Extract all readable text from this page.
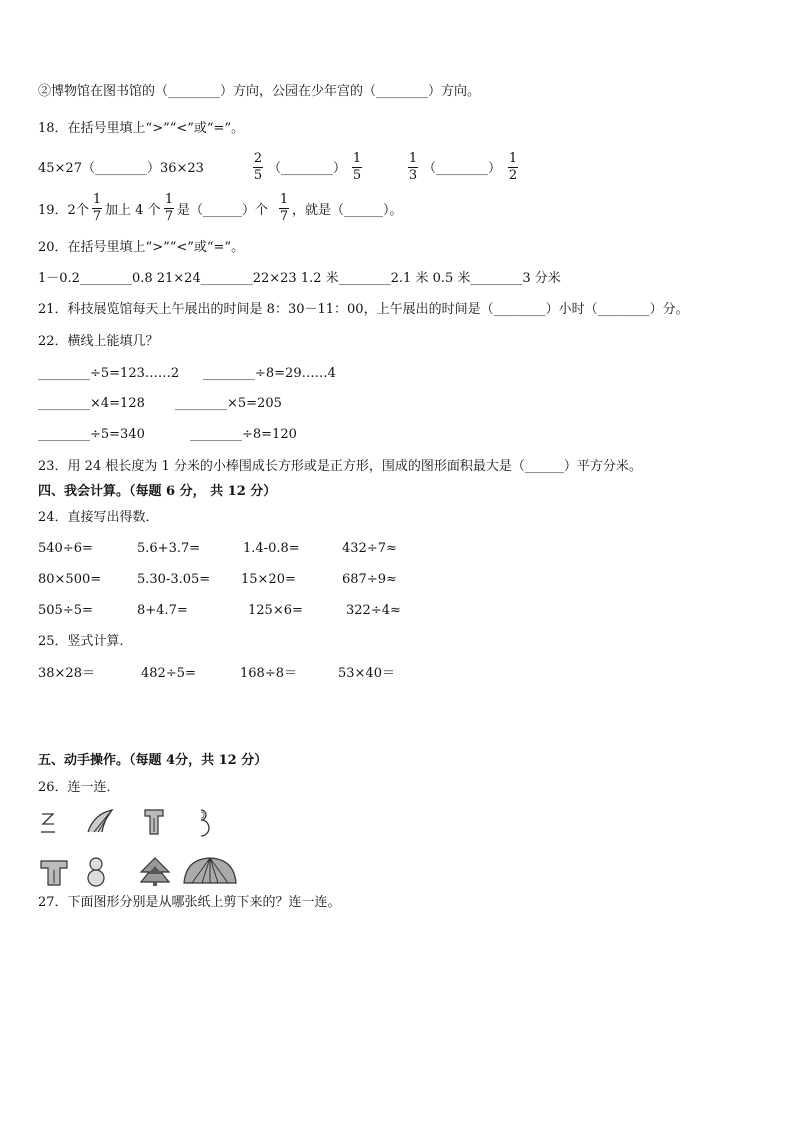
②博物馆在图书馆的（________）方向，公园在少年宫的（________）方向。
18．在括号里填上“>”“<”或“=”。
45×27（________）36×23
2
5 （________）
1
5
1
3 （________）
1
2
19．2个
1
7 加上 4 个
1
7 是（______）个
1
7 ，就是（______）。
20．在括号里填上“>”“<”或“=”。
1－0.2________0.8 21×24________22×23 1.2 米________2.1 米 0.5 米________3 分米
21．科技展览馆每天上午展出的时间是 8：30－11：00，上午展出的时间是（________）小时（________）分。
22．横线上能填几？
________÷5=123……2 ________÷8=29……4
________×4=128 ________×5=205
________÷5=340	________÷8=120
23．用 24 根长度为 1 分米的小棒围成长方形或是正方形，围成的图形面积最大是（______）平方分米。
四、我会计算。（每题 6 分， 共 12 分）
24．直接写出得数．
540÷6=	5.6+3.7=	1.4-0.8=	432÷7≈
80×500=	5.30-3.05= 15×20=	687÷9≈
505÷5=	8+4.7=	125×6=	322÷4≈
25．竖式计算．
38×28＝	482÷5=	168÷8＝	53×40＝
五、动手操作。（每题 4分，共 12 分）
26．连一连．
27．下面图形分别是从哪张纸上剪下来的？连一连。
